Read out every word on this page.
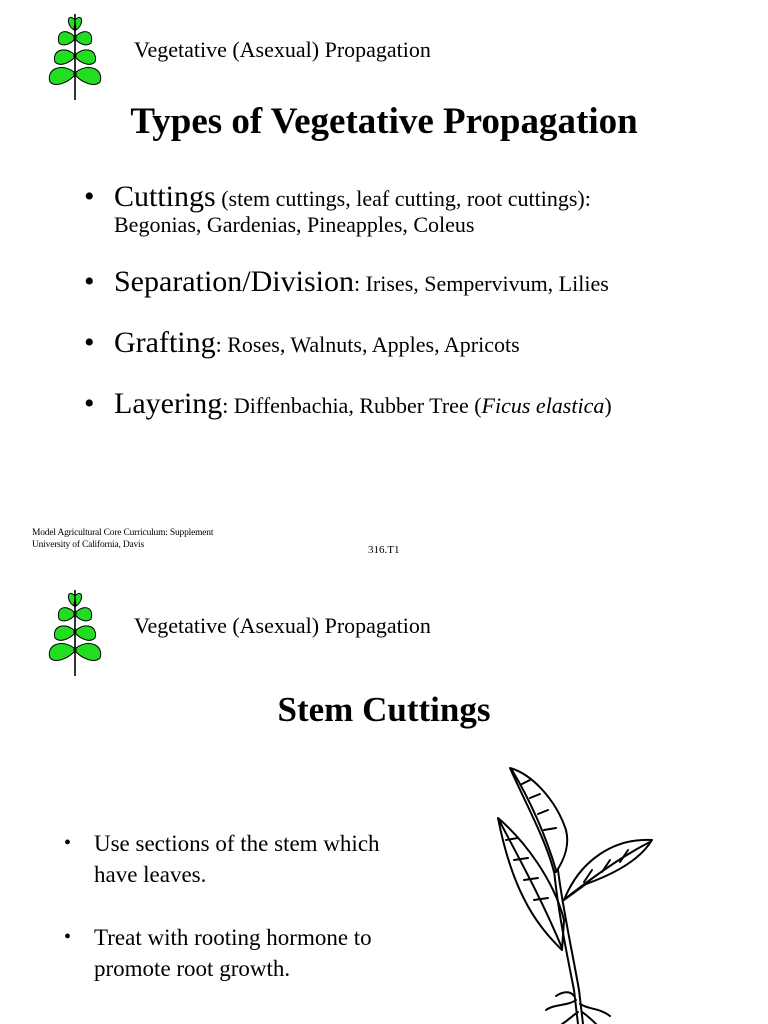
Vegetative (Asexual) Propagation
Types of Vegetative Propagation
• Cuttings (stem cuttings, leaf cutting, root cuttings):
Begonias, Gardenias, Pineapples, Coleus
• Separation/Division: Irises, Sempervivum, Lilies
• Grafting: Roses, Walnuts, Apples, Apricots
• Layering: Diffenbachia, Rubber Tree (Ficus elastica)
Model Agricultural Core Curriculum: Supplement
University of California, Davis	316.T1
Vegetative (Asexual) Propagation
Stem Cuttings
• Use sections of the stem which have leaves.
• Treat with rooting hormone to promote root growth.
